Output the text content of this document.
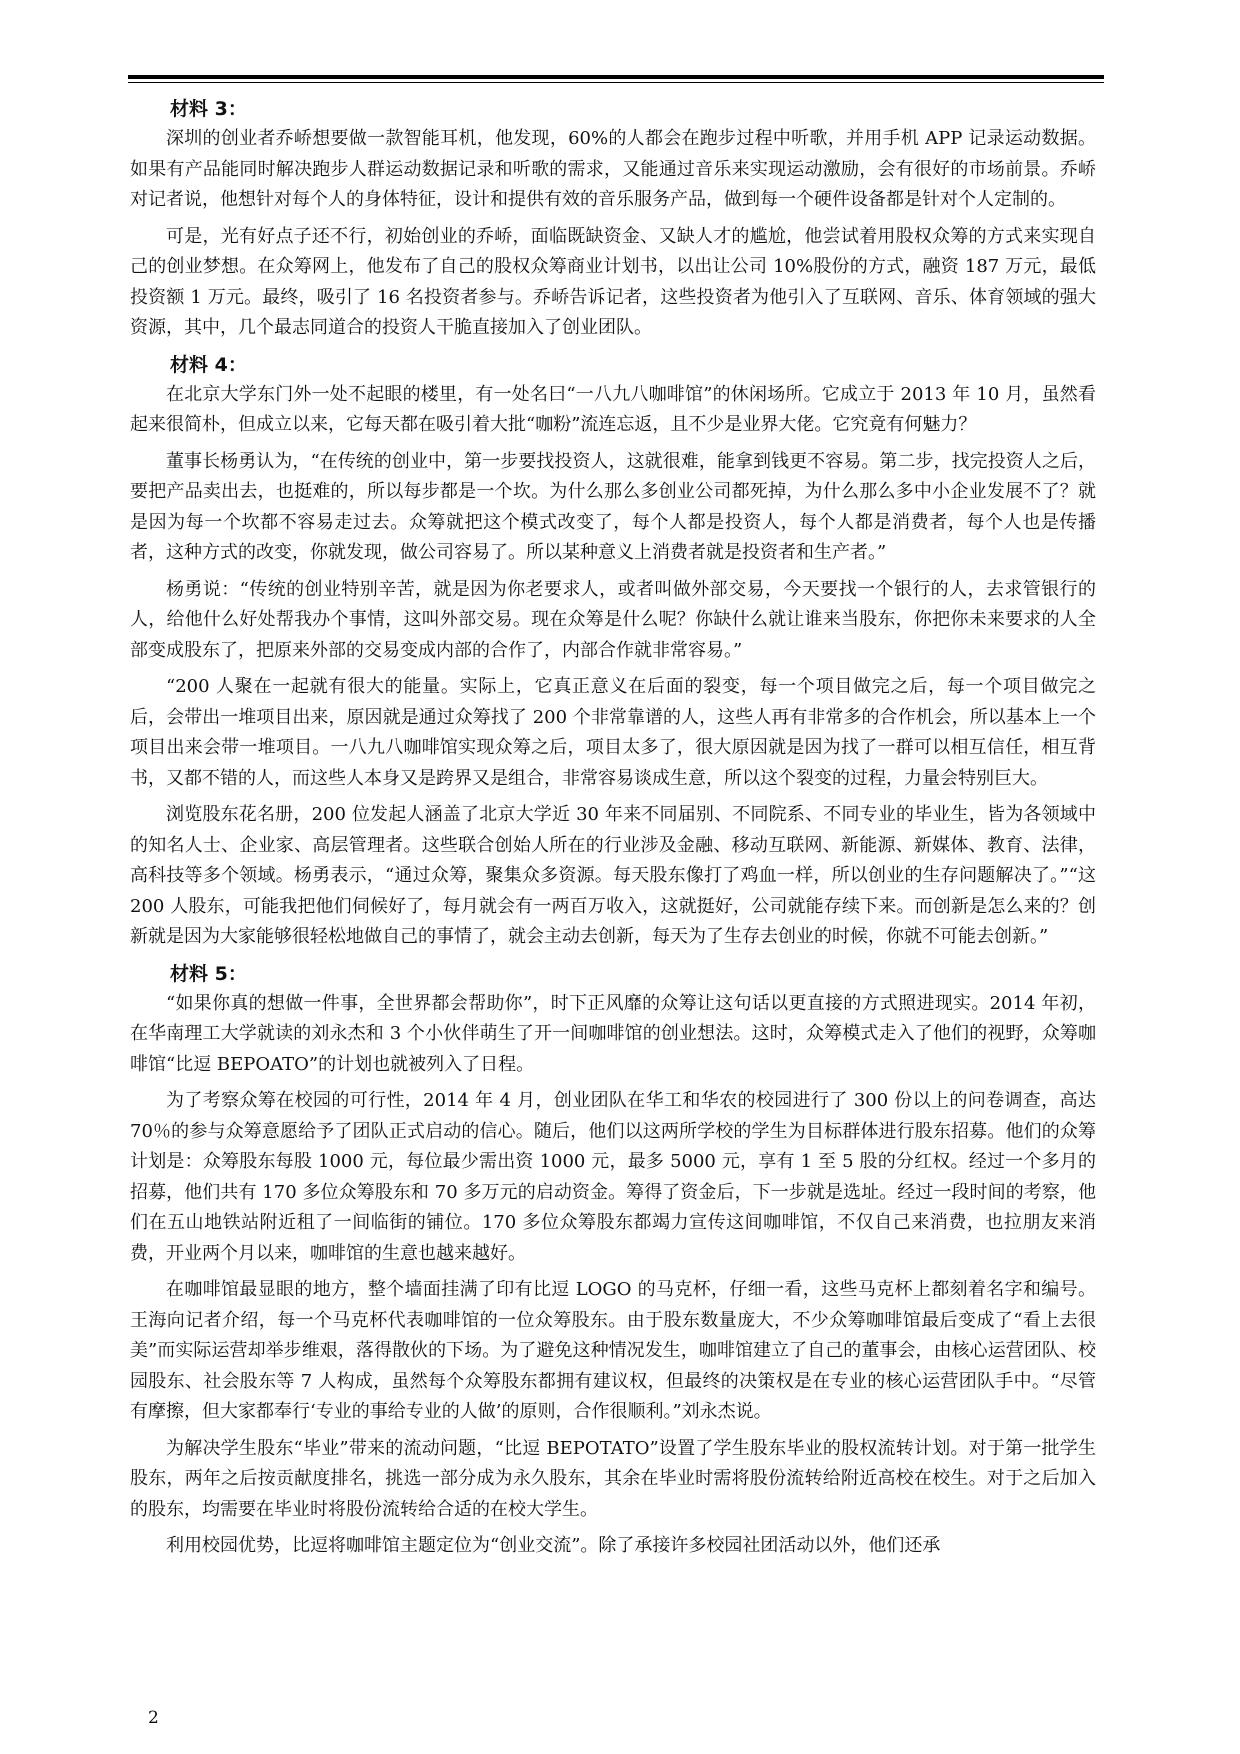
材料 3：

深圳的创业者乔峤想要做一款智能耳机，他发现，60%的人都会在跑步过程中听歌，并用手机 APP 记录运动数据。如果有产品能同时解决跑步人群运动数据记录和听歌的需求，又能通过音乐来实现运动激励，会有很好的市场前景。乔峤对记者说，他想针对每个人的身体特征，设计和提供有效的音乐服务产品，做到每一个硬件设备都是针对个人定制的。

可是，光有好点子还不行，初始创业的乔峤，面临既缺资金、又缺人才的尴尬，他尝试着用股权众筹的方式来实现自己的创业梦想。在众筹网上，他发布了自己的股权众筹商业计划书，以出让公司 10%股份的方式，融资 187 万元，最低投资额 1 万元。最终，吸引了 16 名投资者参与。乔峤告诉记者，这些投资者为他引入了互联网、音乐、体育领域的强大资源，其中，几个最志同道合的投资人干脆直接加入了创业团队。

材料 4：

在北京大学东门外一处不起眼的楼里，有一处名曰“一八九八咖啡馆”的休闲场所。它成立于 2013 年 10 月，虽然看起来很简朴，但成立以来，它每天都在吸引着大批“咖粉”流连忘返，且不少是业界大佬。它究竟有何魅力？

董事长杨勇认为，“在传统的创业中，第一步要找投资人，这就很难，能拿到钱更不容易。第二步，找完投资人之后，要把产品卖出去，也挺难的，所以每步都是一个坎。为什么那么多创业公司都死掉，为什么那么多中小企业发展不了？就是因为每一个坎都不容易走过去。众筹就把这个模式改变了，每个人都是投资人，每个人都是消费者，每个人也是传播者，这种方式的改变，你就发现，做公司容易了。所以某种意义上消费者就是投资者和生产者。”

杨勇说：“传统的创业特别辛苦，就是因为你老要求人，或者叫做外部交易，今天要找一个银行的人，去求管银行的人，给他什么好处帮我办个事情，这叫外部交易。现在众筹是什么呢？你缺什么就让谁来当股东，你把你未来要求的人全部变成股东了，把原来外部的交易变成内部的合作了，内部合作就非常容易。”

“200 人聚在一起就有很大的能量。实际上，它真正意义在后面的裂变，每一个项目做完之后，每一个项目做完之后，会带出一堆项目出来，原因就是通过众筹找了 200 个非常靠谱的人，这些人再有非常多的合作机会，所以基本上一个项目出来会带一堆项目。一八九八咖啡馆实现众筹之后，项目太多了，很大原因就是因为找了一群可以相互信任，相互背书，又都不错的人，而这些人本身又是跨界又是组合，非常容易谈成生意，所以这个裂变的过程，力量会特别巨大。

浏览股东花名册，200 位发起人涵盖了北京大学近 30 年来不同届别、不同院系、不同专业的毕业生，皆为各领域中的知名人士、企业家、高层管理者。这些联合创始人所在的行业涉及金融、移动互联网、新能源、新媒体、教育、法律，高科技等多个领域。杨勇表示，“通过众筹，聚集众多资源。每天股东像打了鸡血一样，所以创业的生存问题解决了。”“这 200 人股东，可能我把他们伺候好了，每月就会有一两百万收入，这就挺好，公司就能存续下来。而创新是怎么来的？创新就是因为大家能够很轻松地做自己的事情了，就会主动去创新，每天为了生存去创业的时候，你就不可能去创新。”

材料 5：

“如果你真的想做一件事，全世界都会帮助你”，时下正风靡的众筹让这句话以更直接的方式照进现实。2014 年初，在华南理工大学就读的刘永杰和 3 个小伙伴萌生了开一间咖啡馆的创业想法。这时，众筹模式走入了他们的视野，众筹咖啡馆“比逗 BEPOATO”的计划也就被列入了日程。

为了考察众筹在校园的可行性，2014 年 4 月，创业团队在华工和华农的校园进行了 300 份以上的问卷调查，高达 70％的参与众筹意愿给予了团队正式启动的信心。随后，他们以这两所学校的学生为目标群体进行股东招募。他们的众筹计划是：众筹股东每股 1000 元，每位最少需出资 1000 元，最多 5000 元，享有 1 至 5 股的分红权。经过一个多月的招募，他们共有 170 多位众筹股东和 70 多万元的启动资金。筹得了资金后，下一步就是选址。经过一段时间的考察，他们在五山地铁站附近租了一间临街的铺位。170 多位众筹股东都竭力宣传这间咖啡馆，不仅自己来消费，也拉朋友来消费，开业两个月以来，咖啡馆的生意也越来越好。

在咖啡馆最显眼的地方，整个墙面挂满了印有比逗 LOGO 的马克杯，仔细一看，这些马克杯上都刻着名字和编号。王海向记者介绍，每一个马克杯代表咖啡馆的一位众筹股东。由于股东数量庞大，不少众筹咖啡馆最后变成了“看上去很美”而实际运营却举步维艰，落得散伙的下场。为了避免这种情况发生，咖啡馆建立了自己的董事会，由核心运营团队、校园股东、社会股东等 7 人构成，虽然每个众筹股东都拥有建议权，但最终的决策权是在专业的核心运营团队手中。“尽管有摩擦，但大家都奉行‘专业的事给专业的人做’的原则，合作很顺利。”刘永杰说。

为解决学生股东“毕业”带来的流动问题，“比逗 BEPOTATO”设置了学生股东毕业的股权流转计划。对于第一批学生股东，两年之后按贡献度排名，挑选一部分成为永久股东，其余在毕业时需将股份流转给附近高校在校生。对于之后加入的股东，均需要在毕业时将股份流转给合适的在校大学生。

利用校园优势，比逗将咖啡馆主题定位为“创业交流”。除了承接许多校园社团活动以外，他们还承

2
